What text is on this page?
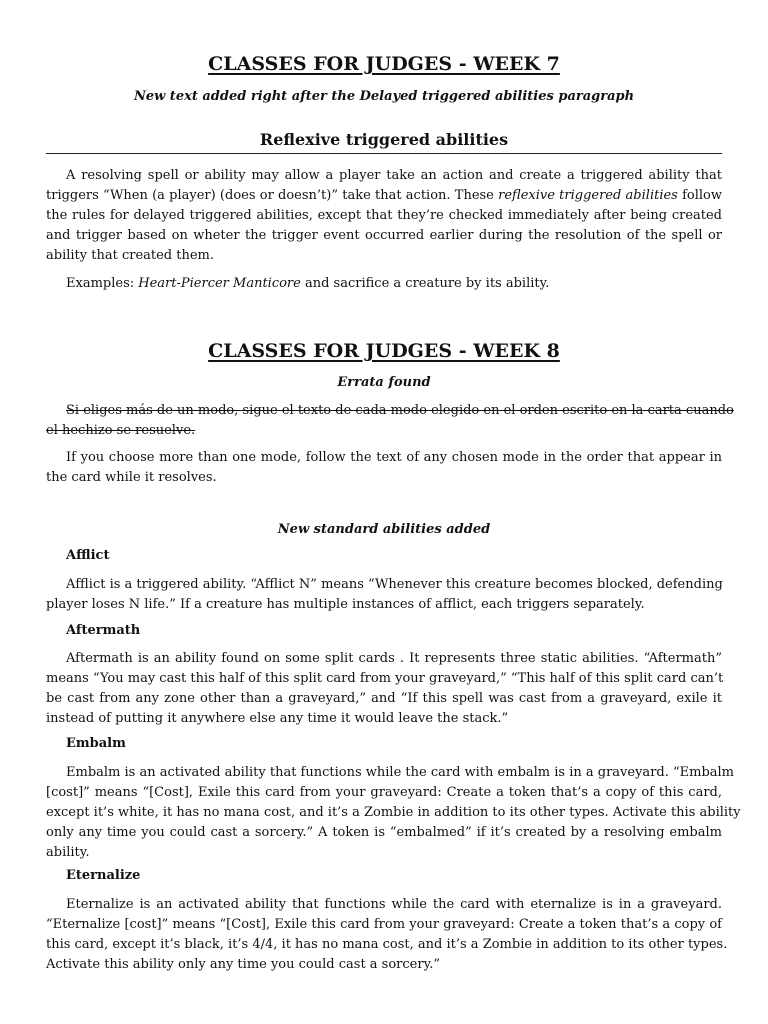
CLASSES FOR JUDGES - WEEK 7
New text added right after the Delayed triggered abilities paragraph
Reflexive triggered abilities
A resolving spell or ability may allow a player take an action and create a triggered ability that
triggers “When (a player) (does or doesn’t)” take that action. These reflexive triggered abilities follow
the rules for delayed triggered abilities, except that they’re checked immediately after being created
and trigger based on wheter the trigger event occurred earlier during the resolution of the spell or
ability that created them.
Examples: Heart-Piercer Manticore and sacrifice a creature by its ability.
CLASSES FOR JUDGES - WEEK 8
Errata found
Si eliges más de un modo, sigue el texto de cada modo elegido en el orden escrito en la carta cuando
el hechizo se resuelve.
If you choose more than one mode, follow the text of any chosen mode in the order that appear in
the card while it resolves.
New standard abilities added
Afflict
Afflict is a triggered ability. “Afflict N” means “Whenever this creature becomes blocked, defending
player loses N life.” If a creature has multiple instances of afflict, each triggers separately.
Aftermath
Aftermath is an ability found on some split cards . It represents three static abilities. “Aftermath”
means “You may cast this half of this split card from your graveyard,” “This half of this split card can’t
be cast from any zone other than a graveyard,” and “If this spell was cast from a graveyard, exile it
instead of putting it anywhere else any time it would leave the stack.”
Embalm
Embalm is an activated ability that functions while the card with embalm is in a graveyard. “Embalm
[cost]” means “[Cost], Exile this card from your graveyard: Create a token that’s a copy of this card,
except it’s white, it has no mana cost, and it’s a Zombie in addition to its other types. Activate this ability
only any time you could cast a sorcery.” A token is “embalmed” if it’s created by a resolving embalm
ability.
Eternalize
Eternalize is an activated ability that functions while the card with eternalize is in a graveyard.
“Eternalize [cost]” means “[Cost], Exile this card from your graveyard: Create a token that’s a copy of
this card, except it’s black, it’s 4/4, it has no mana cost, and it’s a Zombie in addition to its other types.
Activate this ability only any time you could cast a sorcery.”
